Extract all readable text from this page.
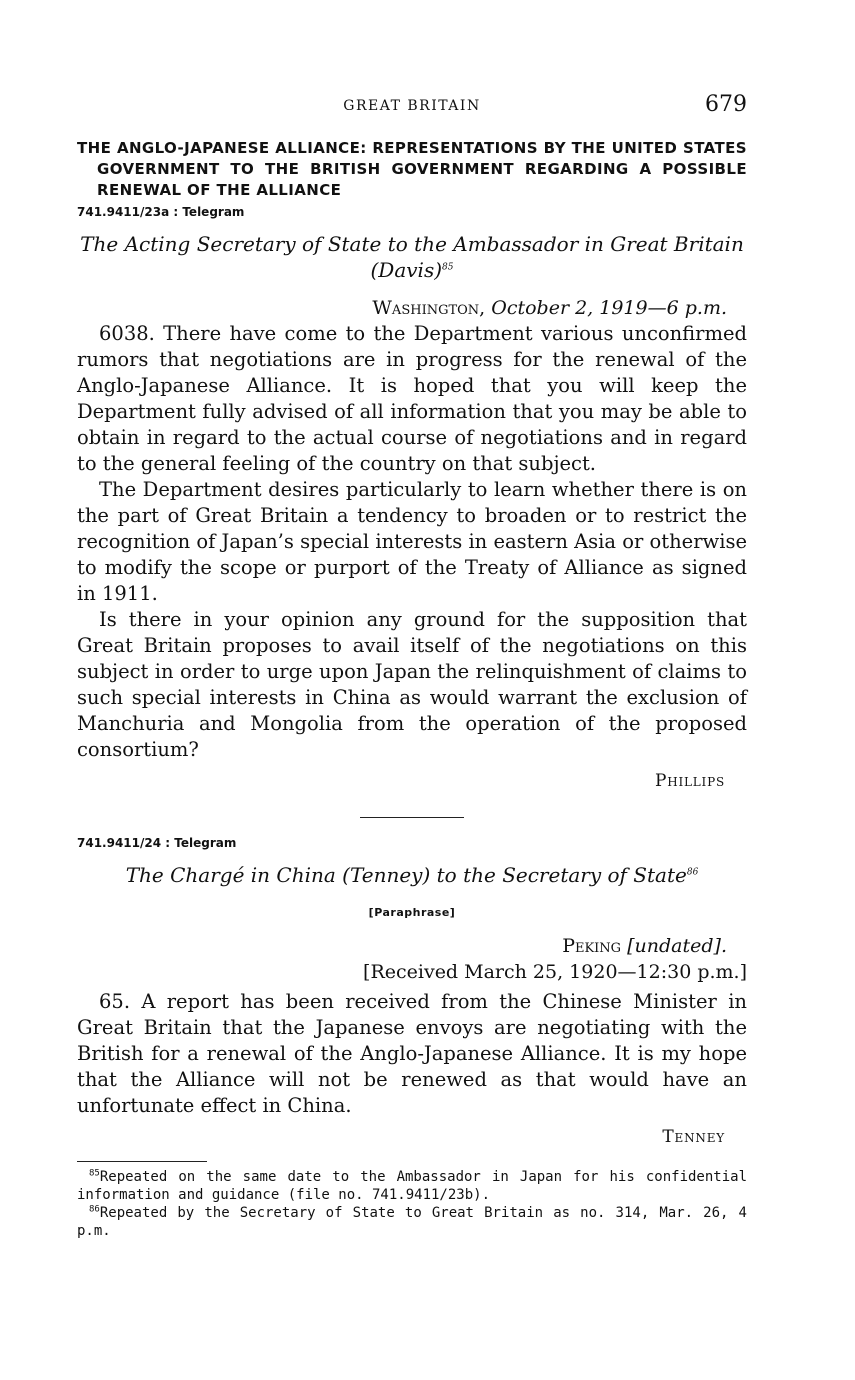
GREAT BRITAIN	679

THE ANGLO-JAPANESE ALLIANCE: REPRESENTATIONS BY THE UNITED STATES GOVERNMENT TO THE BRITISH GOVERNMENT REGARDING A POSSIBLE RENEWAL OF THE ALLIANCE

741.9411/23a : Telegram

The Acting Secretary of State to the Ambassador in Great Britain (Davis)$^{85}$

Washington, October 2, 1919—6 p.m.

6038. There have come to the Department various unconfirmed rumors that negotiations are in progress for the renewal of the Anglo-Japanese Alliance. It is hoped that you will keep the Department fully advised of all information that you may be able to obtain in regard to the actual course of negotiations and in regard to the general feeling of the country on that subject.

The Department desires particularly to learn whether there is on the part of Great Britain a tendency to broaden or to restrict the recognition of Japan’s special interests in eastern Asia or otherwise to modify the scope or purport of the Treaty of Alliance as signed in 1911.

Is there in your opinion any ground for the supposition that Great Britain proposes to avail itself of the negotiations on this subject in order to urge upon Japan the relinquishment of claims to such special interests in China as would warrant the exclusion of Manchuria and Mongolia from the operation of the proposed consortium?

Phillips

741.9411/24 : Telegram

The Chargé in China (Tenney) to the Secretary of State$^{86}$

[Paraphrase]

Peking [undated].
[Received March 25, 1920—12:30 p.m.]

65. A report has been received from the Chinese Minister in Great Britain that the Japanese envoys are negotiating with the British for a renewal of the Anglo-Japanese Alliance. It is my hope that the Alliance will not be renewed as that would have an unfortunate effect in China.

Tenney

$^{85}$Repeated on the same date to the Ambassador in Japan for his confidential information and guidance (file no. 741.9411/23b).

$^{86}$Repeated by the Secretary of State to Great Britain as no. 314, Mar. 26, 4 p.m.
